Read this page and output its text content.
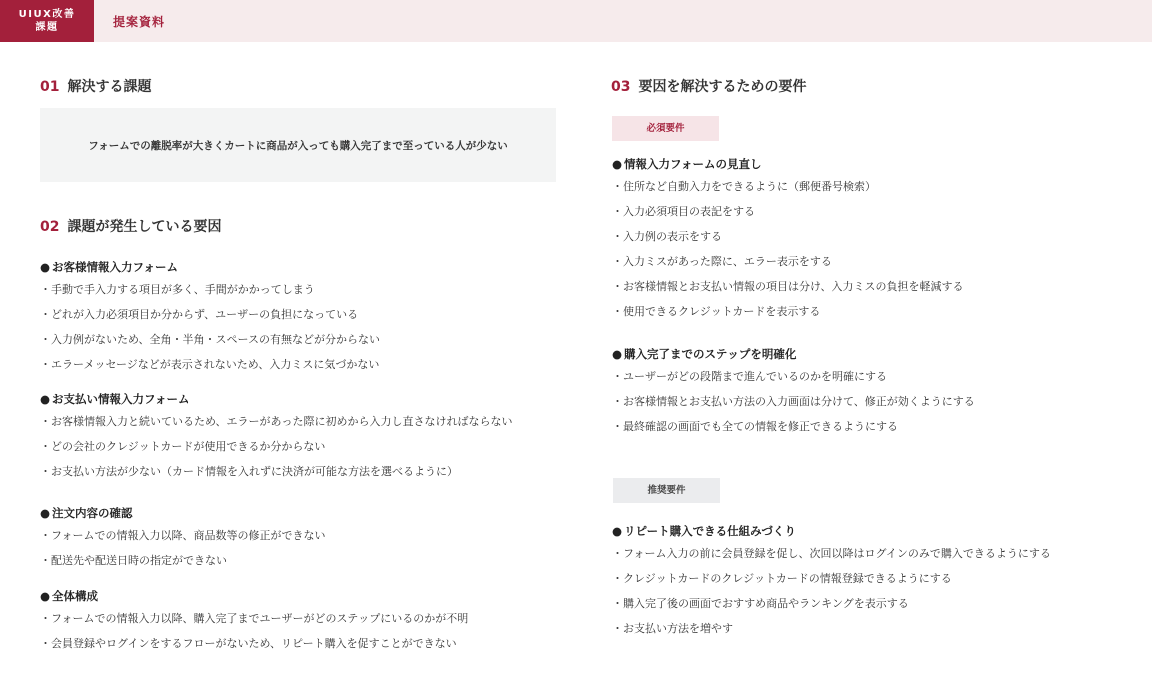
UIUX改善
課題	提案資料
01 解決する課題
フォームでの離脱率が大きくカートに商品が入っても購入完了まで至っている人が少ない
02 課題が発生している要因
● お客様情報入力フォーム
・ 手動で手入力する項目が多く、手間がかかってしまう
・ どれが入力必須項目か分からず、ユーザーの負担になっている
・ 入力例がないため、全角・半角・スペースの有無などが分からない
・ エラーメッセージなどが表示されないため、入力ミスに気づかない
● お支払い情報入力フォーム
・ お客様情報入力と続いているため、エラーがあった際に初めから入力し直さなければならない
・ どの会社のクレジットカードが使用できるか分からない
・ お支払い方法が少ない（カード情報を入れずに決済が可能な方法を選べるように）
● 注文内容の確認
・ フォームでの情報入力以降、商品数等の修正ができない
・ 配送先や配送日時の指定ができない
● 全体構成
・ フォームでの情報入力以降、購入完了までユーザーがどのステップにいるのかが不明
・ 会員登録やログインをするフローがないため、リピート購入を促すことができない
03 要因を解決するための要件
必須要件
● 情報入力フォームの見直し
・ 住所など自動入力をできるように（郵便番号検索）
・ 入力必須項目の表記をする
・ 入力例の表示をする
・ 入力ミスがあった際に、エラー表示をする
・ お客様情報とお支払い情報の項目は分け、入力ミスの負担を軽減する
・ 使用できるクレジットカードを表示する
● 購入完了までのステップを明確化
・ ユーザーがどの段階まで進んでいるのかを明確にする
・ お客様情報とお支払い方法の入力画面は分けて、修正が効くようにする
・ 最終確認の画面でも全ての情報を修正できるようにする
推奨要件
● リピート購入できる仕組みづくり
・ フォーム入力の前に会員登録を促し、次回以降はログインのみで購入できるようにする
・ クレジットカードのクレジットカードの情報登録できるようにする
・ 購入完了後の画面でおすすめ商品やランキングを表示する
・ お支払い方法を増やす
